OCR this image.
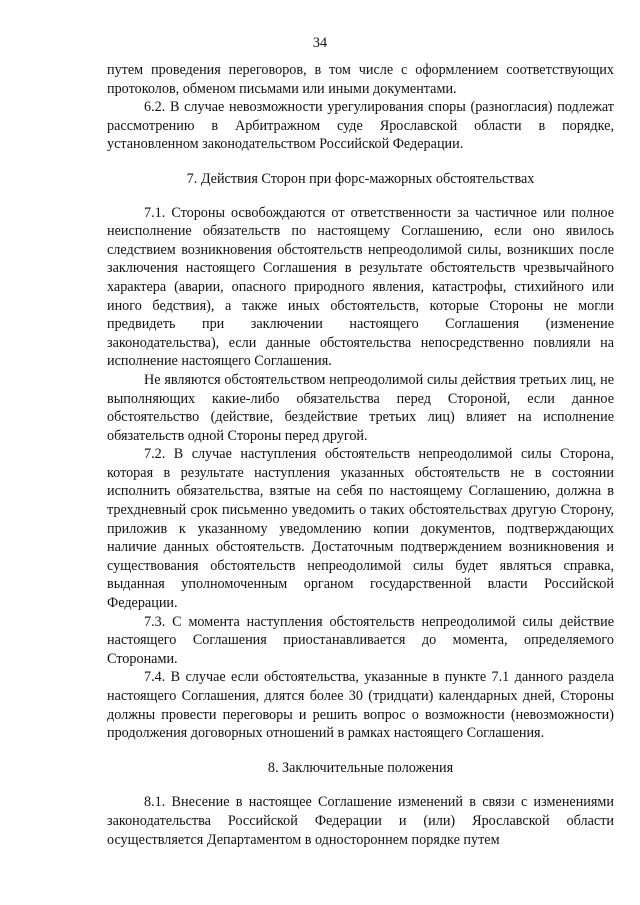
34

путем проведения переговоров, в том числе с оформлением соответствующих протоколов, обменом письмами или иными документами.

6.2. В случае невозможности урегулирования споры (разногласия) подлежат рассмотрению в Арбитражном суде Ярославской области в порядке, установленном законодательством Российской Федерации.

7. Действия Сторон при форс-мажорных обстоятельствах

7.1. Стороны освобождаются от ответственности за частичное или полное неисполнение обязательств по настоящему Соглашению, если оно явилось следствием возникновения обстоятельств непреодолимой силы, возникших после заключения настоящего Соглашения в результате обстоятельств чрезвычайного характера (аварии, опасного природного явления, катастрофы, стихийного или иного бедствия), а также иных обстоятельств, которые Стороны не могли предвидеть при заключении настоящего Соглашения (изменение законодательства), если данные обстоятельства непосредственно повлияли на исполнение настоящего Соглашения.

Не являются обстоятельством непреодолимой силы действия третьих лиц, не выполняющих какие-либо обязательства перед Стороной, если данное обстоятельство (действие, бездействие третьих лиц) влияет на исполнение обязательств одной Стороны перед другой.

7.2. В случае наступления обстоятельств непреодолимой силы Сторона, которая в результате наступления указанных обстоятельств не в состоянии исполнить обязательства, взятые на себя по настоящему Соглашению, должна в трехдневный срок письменно уведомить о таких обстоятельствах другую Сторону, приложив к указанному уведомлению копии документов, подтверждающих наличие данных обстоятельств. Достаточным подтверждением возникновения и существования обстоятельств непреодолимой силы будет являться справка, выданная уполномоченным органом государственной власти Российской Федерации.

7.3. С момента наступления обстоятельств непреодолимой силы действие настоящего Соглашения приостанавливается до момента, определяемого Сторонами.

7.4. В случае если обстоятельства, указанные в пункте 7.1 данного раздела настоящего Соглашения, длятся более 30 (тридцати) календарных дней, Стороны должны провести переговоры и решить вопрос о возможности (невозможности) продолжения договорных отношений в рамках настоящего Соглашения.

8. Заключительные положения

8.1. Внесение в настоящее Соглашение изменений в связи с изменениями законодательства Российской Федерации и (или) Ярославской области осуществляется Департаментом в одностороннем порядке путем
